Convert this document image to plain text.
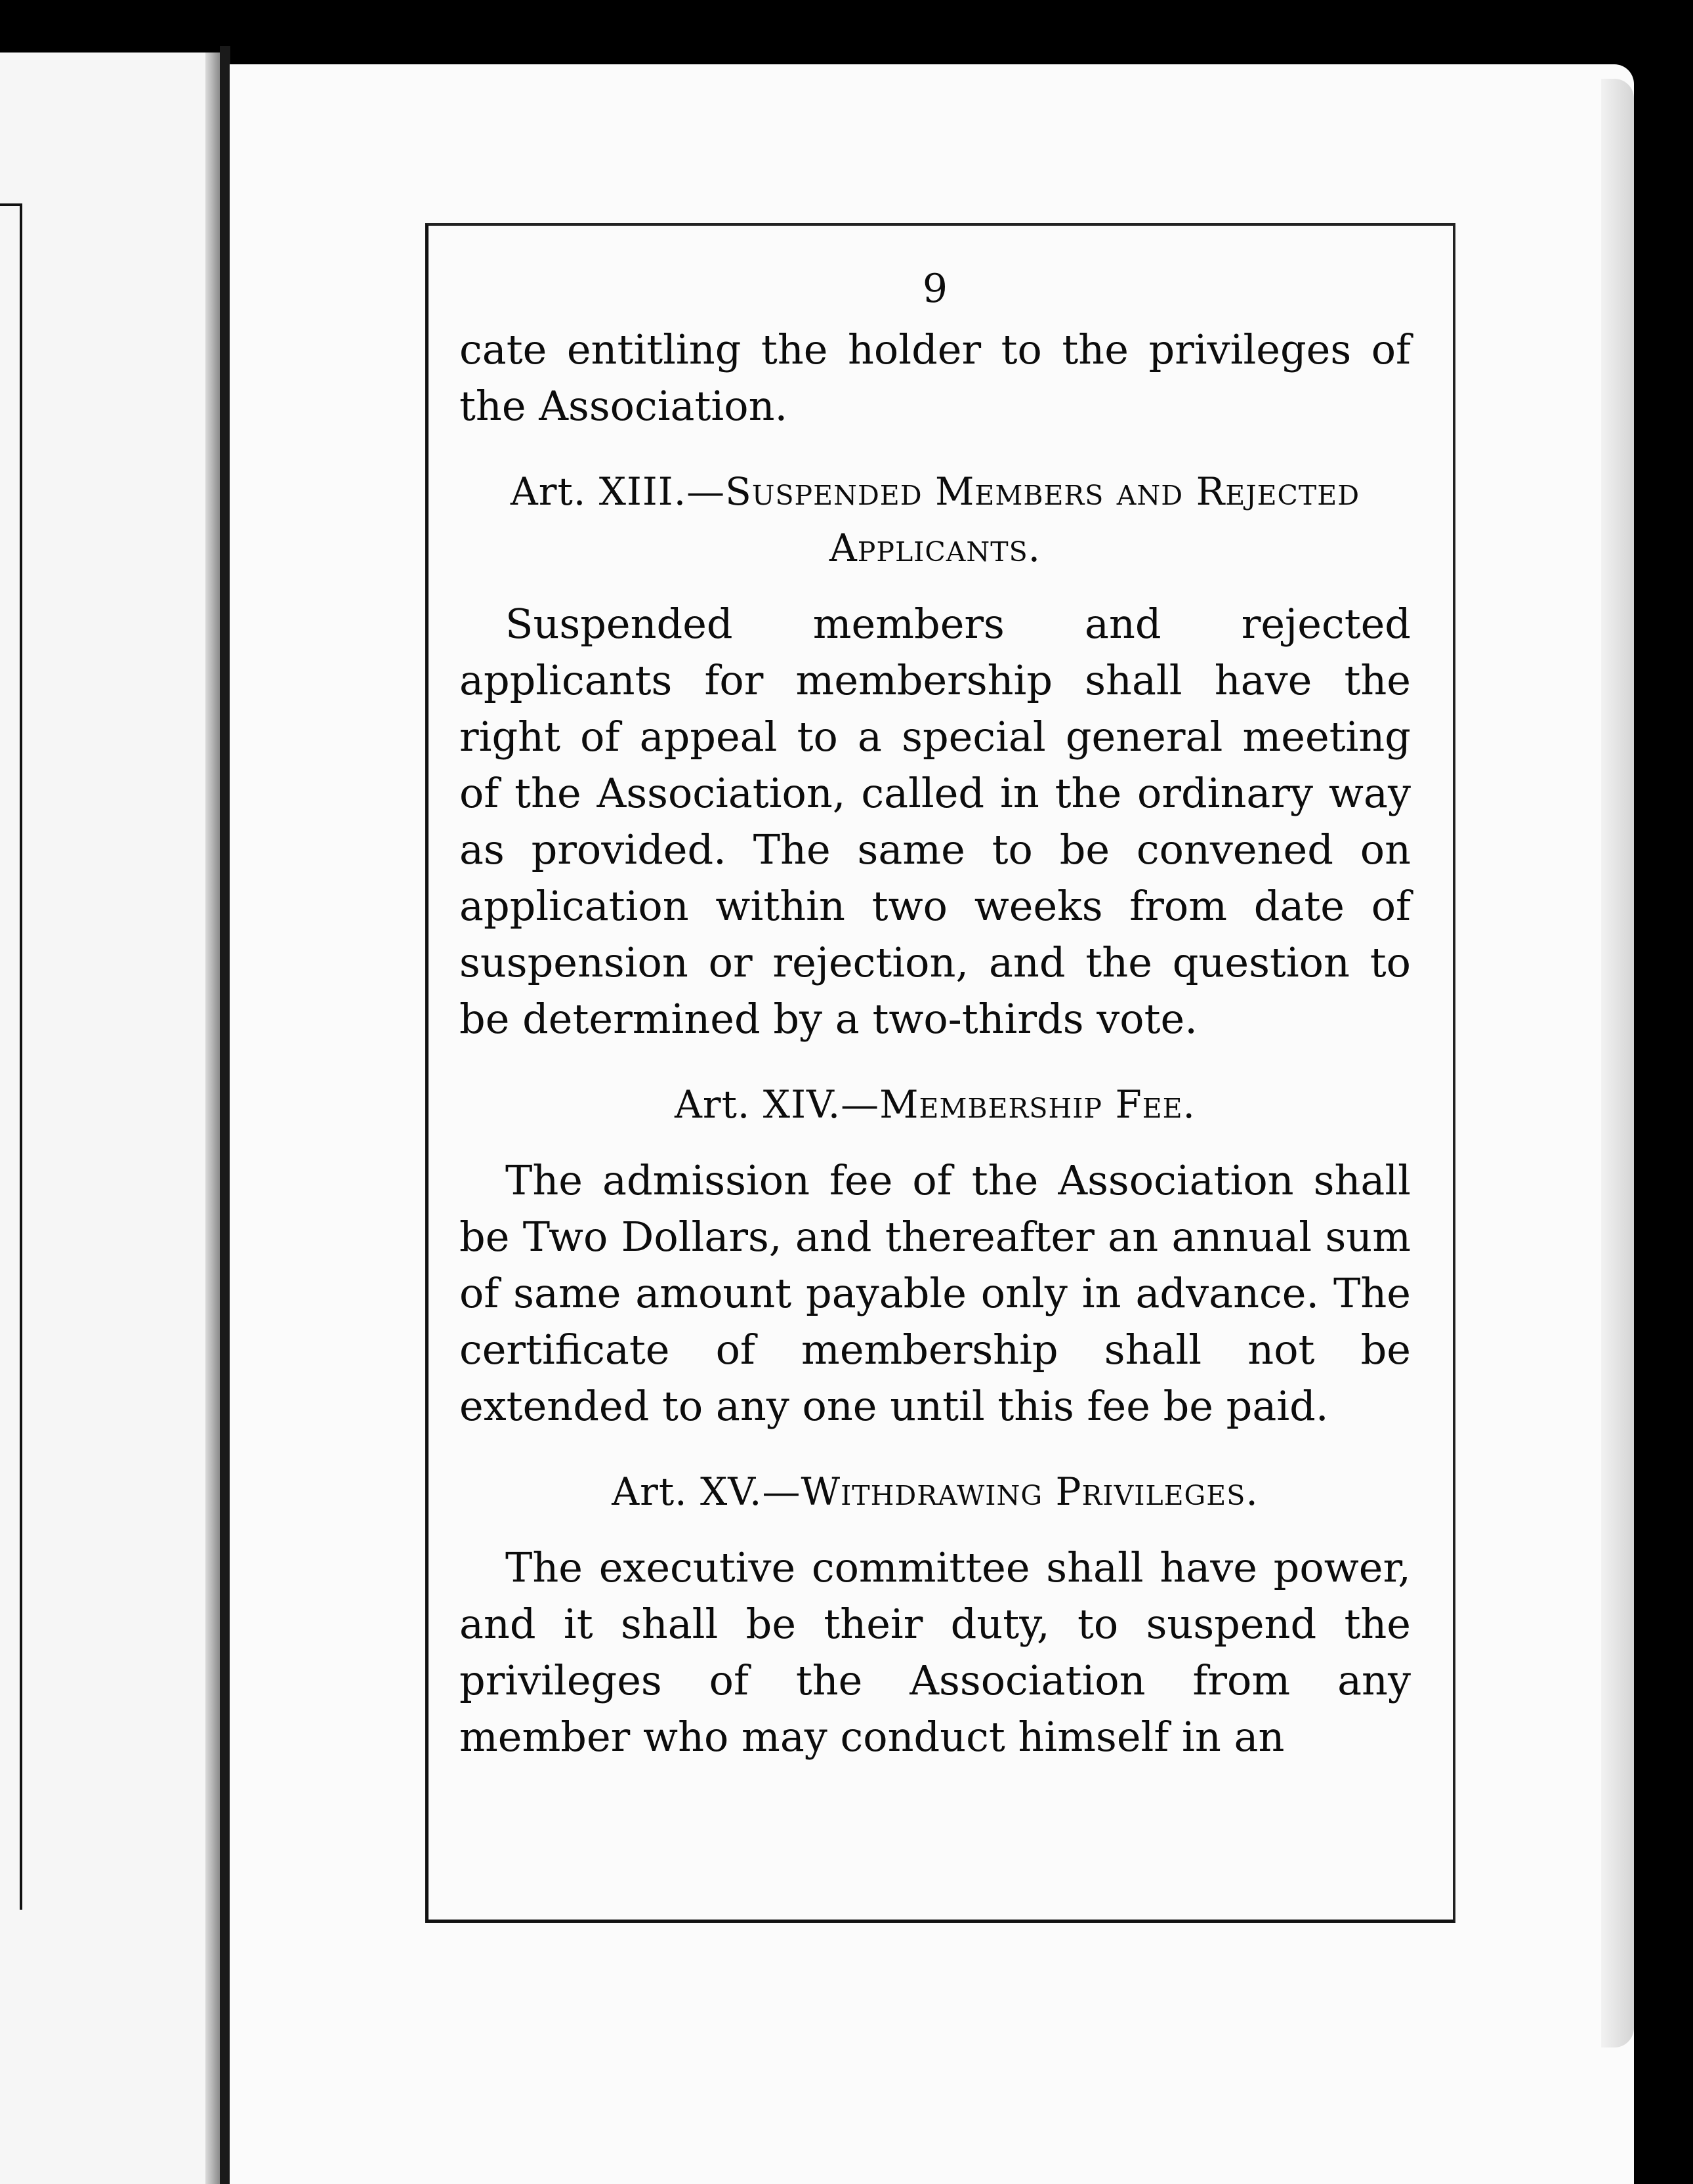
9

cate entitling the holder to the privileges of the Association.

Art. XIII.—Suspended Members and Rejected Applicants.

Suspended members and rejected applicants for membership shall have the right of appeal to a special general meeting of the Association, called in the ordinary way as provided. The same to be convened on application within two weeks from date of suspension or rejection, and the question to be determined by a two-thirds vote.

Art. XIV.—Membership Fee.

The admission fee of the Association shall be Two Dollars, and thereafter an annual sum of same amount payable only in advance. The certificate of membership shall not be extended to any one until this fee be paid.

Art. XV.—Withdrawing Privileges.

The executive committee shall have power, and it shall be their duty, to suspend the privileges of the Association from any member who may conduct himself in an
